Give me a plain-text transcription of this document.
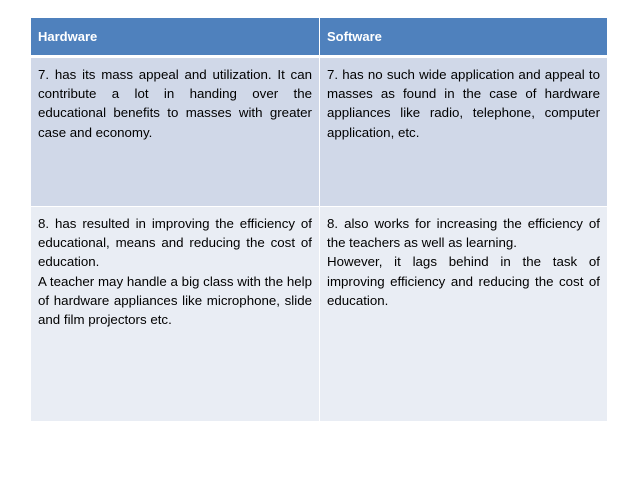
Hardware	Software

7. has its mass appeal and utilization. It can contribute a lot in handing over the educational benefits to masses with greater case and economy.

7. has no such wide application and appeal to masses as found in the case of hardware appliances like radio, telephone, computer application, etc.

8. has resulted in improving the efficiency of educational, means and reducing the cost of education.

A teacher may handle a big class with the help of hardware appliances like microphone, slide and film projectors etc.

8. also works for increasing the efficiency of the teachers as well as learning.

However, it lags behind in the task of improving efficiency and reducing the cost of education.
